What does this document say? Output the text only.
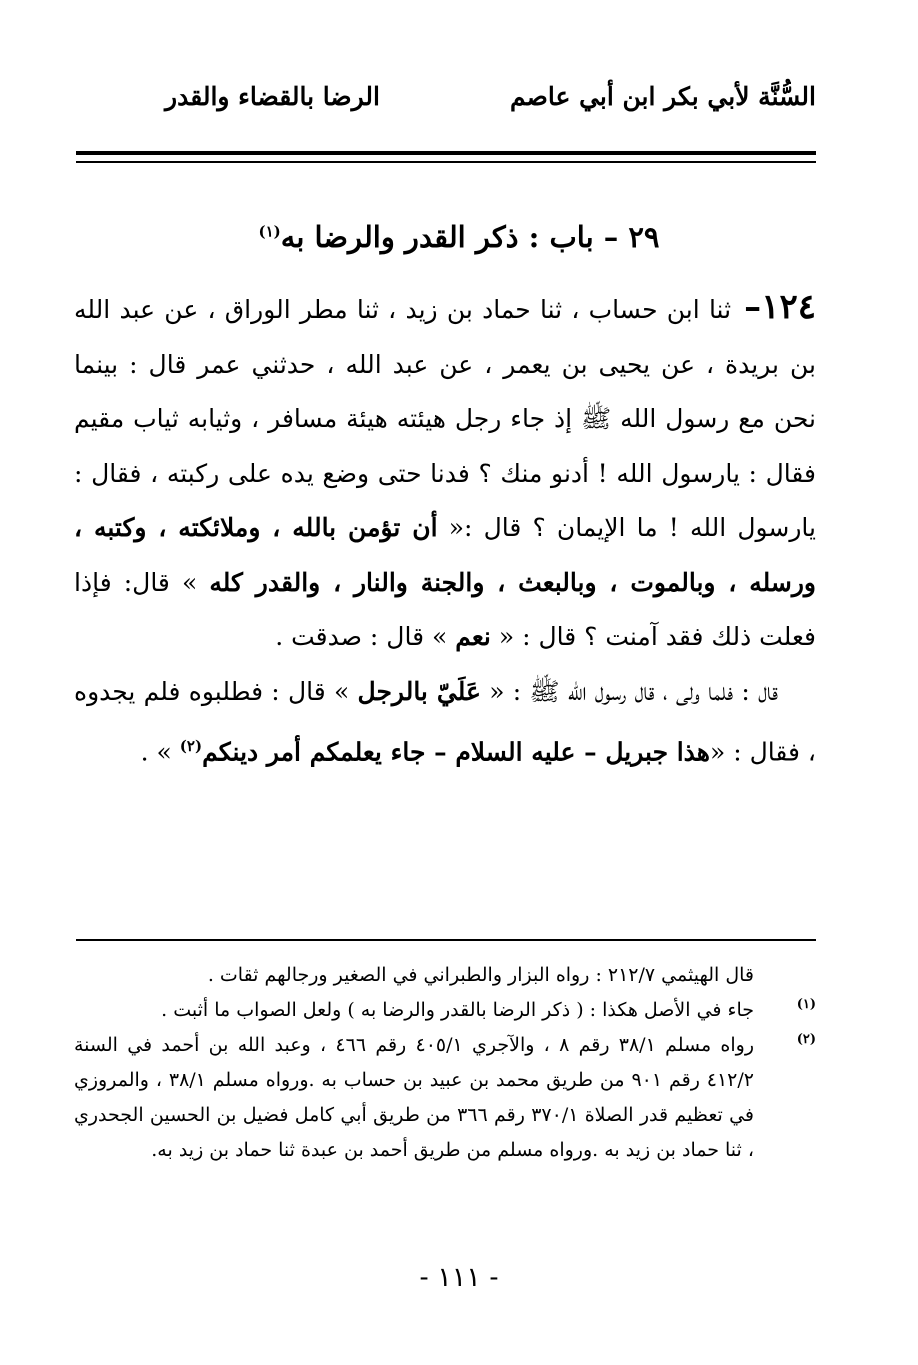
السُّنَّة لأبي بكر ابن أبي عاصم
الرضا بالقضاء والقدر
٢٩ – باب : ذكر القدر والرضا به$^{(١)}$

١٢٤– ثنا ابن حساب ، ثنا حماد بن زيد ، ثنا مطر الوراق ، عن عبد الله بن بريدة ، عن يحيى بن يعمر ، عن عبد الله ، حدثني عمر قال : بينما نحن مع رسول الله ﷺ إذ جاء رجل هيئته هيئة مسافر ، وثيابه ثياب مقيم فقال : يارسول الله ! أدنو منك ؟ فدنا حتى وضع يده على ركبته ، فقال : يارسول الله ! ما الإيمان ؟ قال :« أن تؤمن بالله ، وملائكته ، وكتبه ، ورسله ، وبالموت ، وبالبعث ، والجنة والنار ، والقدر كله » قال: فإذا فعلت ذلك فقد آمنت ؟ قال : « نعم » قال : صدقت .

قال : فلما ولى ، قال رسول الله ﷺ : « عَلَيّ بالرجل » قال : فطلبوه فلم يجدوه ، فقال : «هذا جبريل – عليه السلام – جاء يعلمكم أمر دينكم$^{(٢)}$ » .

قال الهيثمي ٢١٢/٧ : رواه البزار والطبراني في الصغير ورجالهم ثقات .
(١)
جاء في الأصل هكذا : ( ذكر الرضا بالقدر والرضا به ) ولعل الصواب ما أثبت .
(٢)
رواه مسلم ٣٨/١ رقم ٨ ، والآجري ٤٠٥/١ رقم ٤٦٦ ، وعبد الله بن أحمد في السنة ٤١٢/٢ رقم ٩٠١ من طريق محمد بن عبيد بن حساب به .ورواه مسلم ٣٨/١ ، والمروزي في تعظيم قدر الصلاة ٣٧٠/١ رقم ٣٦٦ من طريق أبي كامل فضيل بن الحسين الجحدري ، ثنا حماد بن زيد به .ورواه مسلم من طريق أحمد بن عبدة ثنا حماد بن زيد به.
- ١١١ -
